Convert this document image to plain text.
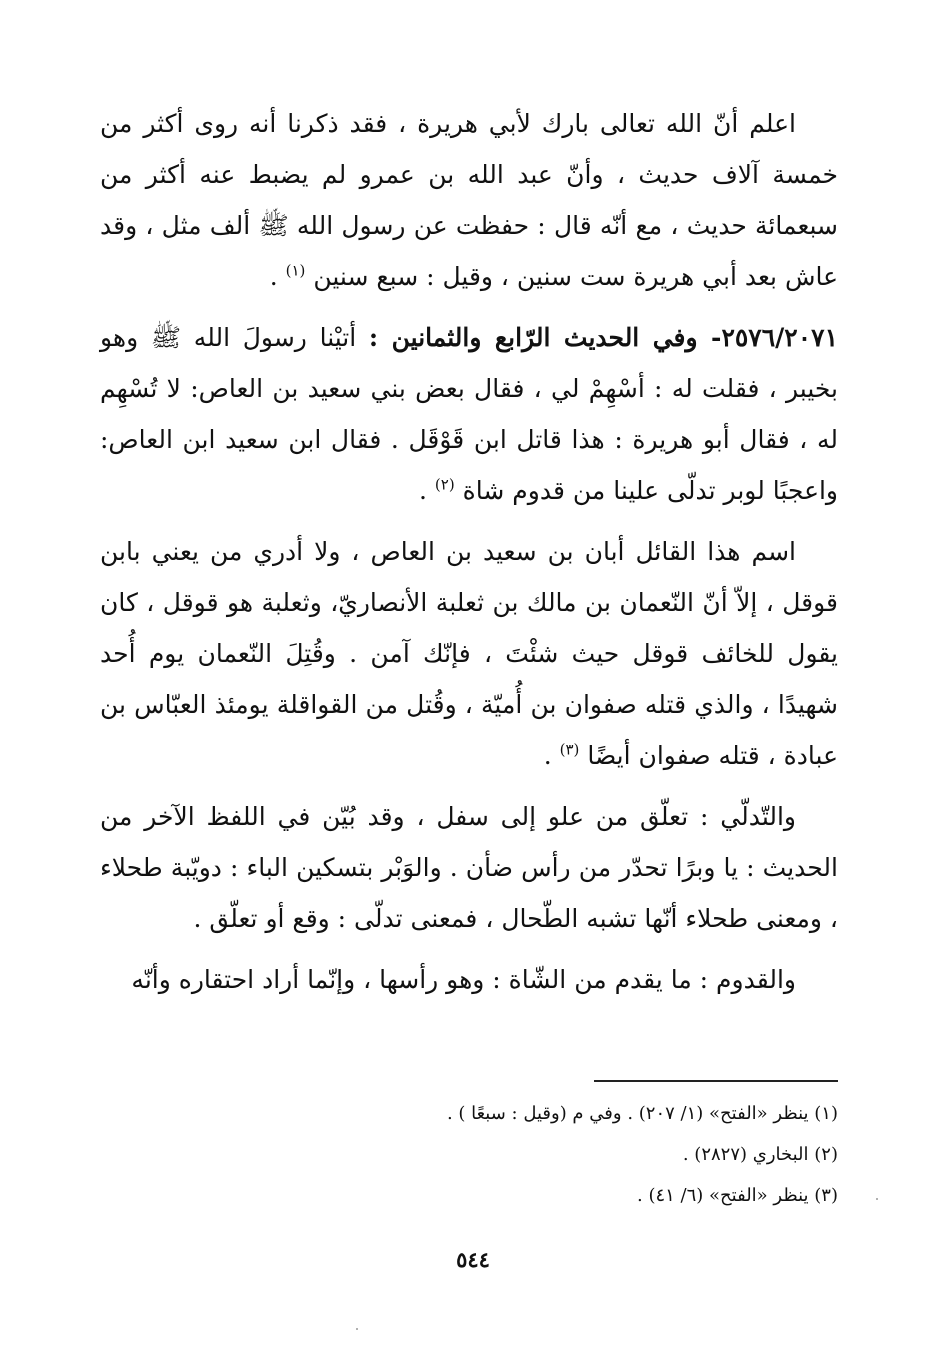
اعلم أنّ الله تعالى بارك لأبي هريرة ، فقد ذكرنا أنه روى أكثر من خمسة آلاف حديث ، وأنّ عبد الله بن عمرو لم يضبط عنه أكثر من سبعمائة حديث ، مع أنّه قال : حفظت عن رسول الله ﷺ ألف مثل ، وقد عاش بعد أبي هريرة ست سنين ، وقيل : سبع سنين $^{(١)}$ .

٢٥٧٦/٢٠٧١- وفي الحديث الرّابع والثمانين : أتيْنا رسولَ الله ﷺ وهو بخيبر ، فقلت له : أسْهِمْ لي ، فقال بعض بني سعيد بن العاص: لا تُسْهِم له ، فقال أبو هريرة : هذا قاتل ابن قَوْقَل . فقال ابن سعيد ابن العاص: واعجبًا لوبر تدلّى علينا من قدوم شاة $^{(٢)}$ .

اسم هذا القائل أبان بن سعيد بن العاص ، ولا أدري من يعني بابن قوقل ، إلاّ أنّ النّعمان بن مالك بن ثعلبة الأنصاريّ، وثعلبة هو قوقل ، كان يقول للخائف قوقل حيث شئْتَ ، فإنّك آمن . وقُتِلَ النّعمان يوم أُحد شهيدًا ، والذي قتله صفوان بن أُميّة ، وقُتل من القواقلة يومئذ العبّاس بن عبادة ، قتله صفوان أيضًا $^{(٣)}$ .

والتّدلّي : تعلّق من علو إلى سفل ، وقد بُيّن في اللفظ الآخر من الحديث : يا وبرًا تحدّر من رأس ضأن . والوَبْر بتسكين الباء : دويّبة طحلاء ، ومعنى طحلاء أنّها تشبه الطّحال ، فمعنى تدلّى : وقع أو تعلّق .

والقدوم : ما يقدم من الشّاة : وهو رأسها ، وإنّما أراد احتقاره وأنّه

(١) ينظر «الفتح» (١/ ٢٠٧) . وفي م (وقيل : سبعًا ) .

(٢) البخاري (٢٨٢٧) .

(٣) ينظر «الفتح» (٦/ ٤١) .

٥٤٤
